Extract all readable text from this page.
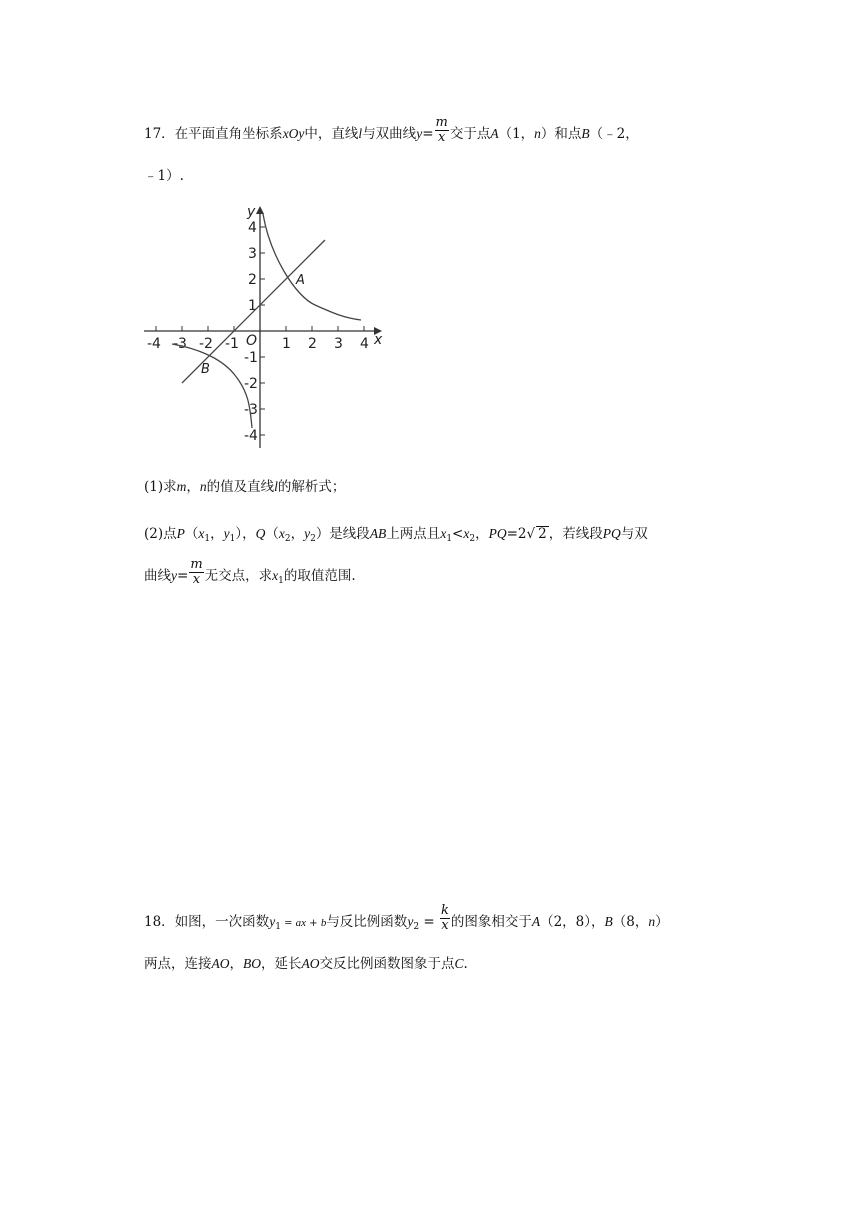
17．在平面直角坐标系xOy中，直线l与双曲线$y= \frac{m}{x}$ 交于点A（1，n）和点B（﹣2，
﹣1）.
-4 -3 -2 -1	1 2 3 4
4
3
2
1
-1
-2
-3
-4
x
y
O
A
B
(1)求m，n的值及直线l的解析式；
(2)点$P(x_1$，$y_1$），$Q(x_2$，$y_2$）是线段AB上两点且$x_1<x_2$，PQ=2√ 2 ，若线段PQ与双
曲线$y= \frac{m}{x}$ 无交点，求$x_1$的取值范围.
18．如图，一次函数$y_1$ = ax + b与反比例函数$y_2 = \frac{k}{x}$ 的图象相交于A（2，8），B（8，n）
两点，连接AO，BO，延长AO交反比例函数图象于点C.
